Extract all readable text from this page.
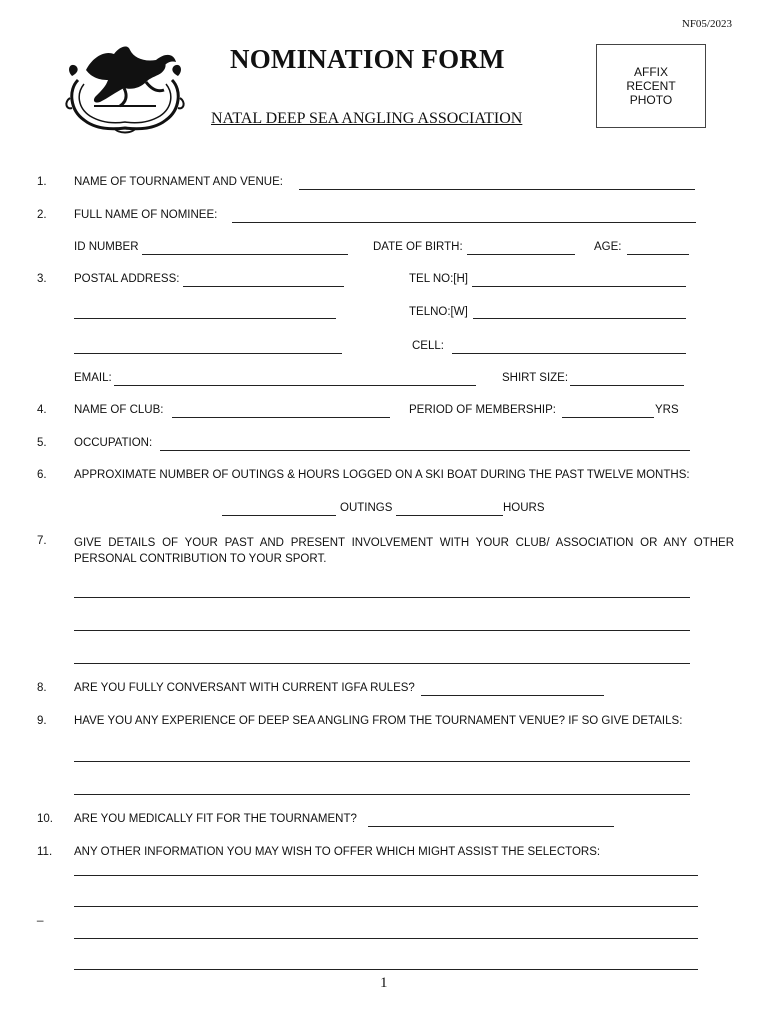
NF05/2023
NOMINATION FORM
NATAL DEEP SEA ANGLING ASSOCIATION
AFFIX
RECENT
PHOTO
1. NAME OF TOURNAMENT AND VENUE:
2. FULL NAME OF NOMINEE:
ID NUMBER	DATE OF BIRTH:	AGE:
3. POSTAL ADDRESS:	TEL NO:[H]
TELNO:[W]
CELL:
EMAIL:	SHIRT SIZE:
4. NAME OF CLUB:	PERIOD OF MEMBERSHIP:	YRS
5. OCCUPATION:
6. APPROXIMATE NUMBER OF OUTINGS & HOURS LOGGED ON A SKI BOAT DURING THE PAST TWELVE MONTHS:
OUTINGS	HOURS
7. GIVE DETAILS OF YOUR PAST AND PRESENT INVOLVEMENT WITH YOUR CLUB/ ASSOCIATION OR ANY OTHER PERSONAL CONTRIBUTION TO YOUR SPORT.
8. ARE YOU FULLY CONVERSANT WITH CURRENT IGFA RULES?
9. HAVE YOU ANY EXPERIENCE OF DEEP SEA ANGLING FROM THE TOURNAMENT VENUE? IF SO GIVE DETAILS:
10. ARE YOU MEDICALLY FIT FOR THE TOURNAMENT?
11. ANY OTHER INFORMATION YOU MAY WISH TO OFFER WHICH MIGHT ASSIST THE SELECTORS:
_
1
